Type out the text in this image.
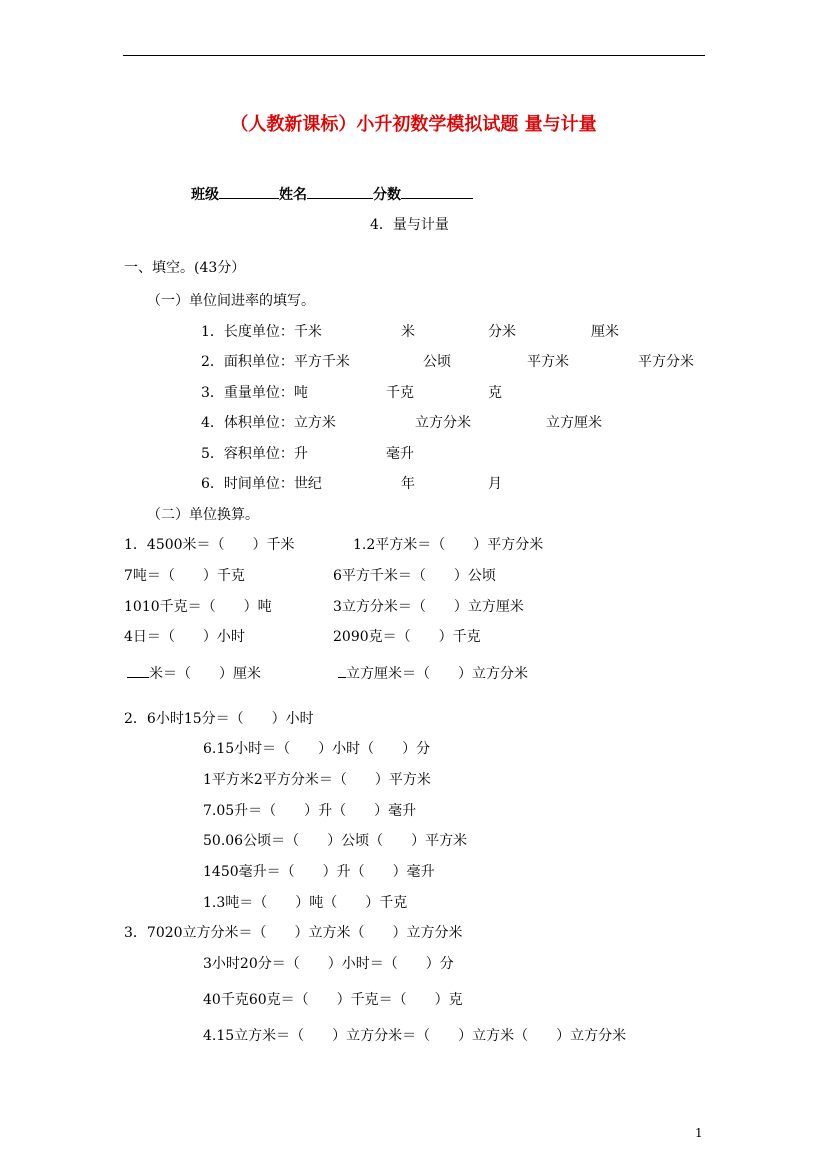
（人教新课标）小升初数学模拟试题 量与计量
班级	姓名	分数
4．量与计量
一、填空。(43分）
（一）单位间进率的填写。
1．长度单位：千米	米	分米	厘米
2．面积单位：平方千米	公顷	平方米	平方分米
3．重量单位：吨	千克	克
4．体积单位：立方米	立方分米	立方厘米
5．容积单位：升	毫升
6．时间单位：世纪	年	月
（二）单位换算。
1．4500米＝（　　）千米	1.2平方米＝（　　）平方分米
7吨＝（　　）千克	6平方千米＝（　　）公顷
1010千克＝（　　）吨	3立方分米＝（　　）立方厘米
4日＝（　　）小时	2090克＝（　　）千克
米＝（　　）厘米	立方厘米＝（　　）立方分米
2．6小时15分＝（　　）小时
6.15小时＝（　　）小时（　　）分
1平方米2平方分米＝（　　）平方米
7.05升＝（　　）升（　　）毫升
50.06公顷＝（　　）公顷（　　）平方米
1450毫升＝（　　）升（　　）毫升
1.3吨＝（　　）吨（　　）千克
3．7020立方分米＝（　　）立方米（　　）立方分米
3小时20分＝（　　）小时＝（　　）分
40千克60克＝（　　）千克＝（　　）克
4.15立方米＝（　　）立方分米＝（　　）立方米（　　）立方分米
1
